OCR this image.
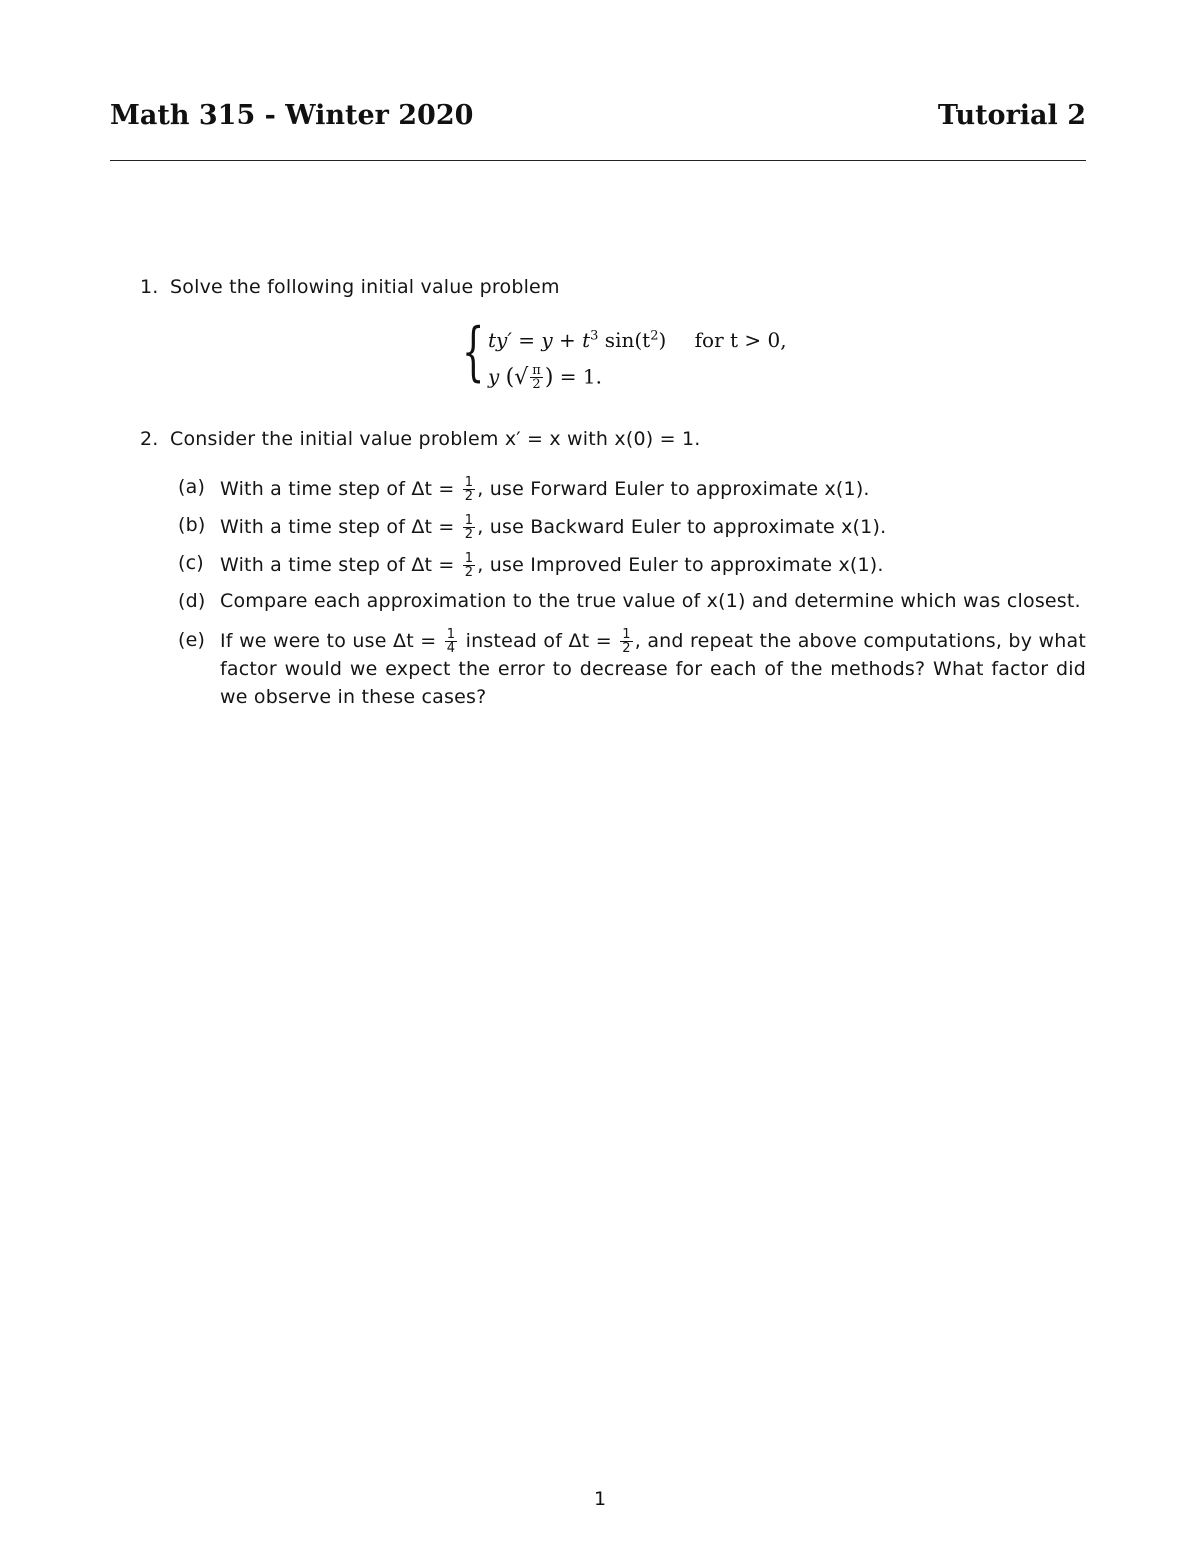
Math 315 - Winter 2020	Tutorial 2
1. Solve the following initial value problem
{ $ty' = y + t^3$ $\sin(t^2)$ for t > 0,
y (√ $\frac{\pi}{2}$ ) = 1.
2. Consider the initial value problem x′ = x with x(0) = 1.
(a) With a time step of $\Delta t = \frac{1}{2}$ , use Forward Euler to approximate x(1).
(b) With a time step of $\Delta t = \frac{1}{2}$ , use Backward Euler to approximate x(1).
(c) With a time step of $\Delta t = \frac{1}{2}$ , use Improved Euler to approximate x(1).
(d) Compare each approximation to the true value of x(1) and determine which was closest.
(e) If we were to use $\Delta t = \frac{1}{4}$ instead of $\Delta t = \frac{1}{2}$ , and repeat the above computations, by what factor would we expect the error to decrease for each of the methods? What factor did we observe in these cases?
1
